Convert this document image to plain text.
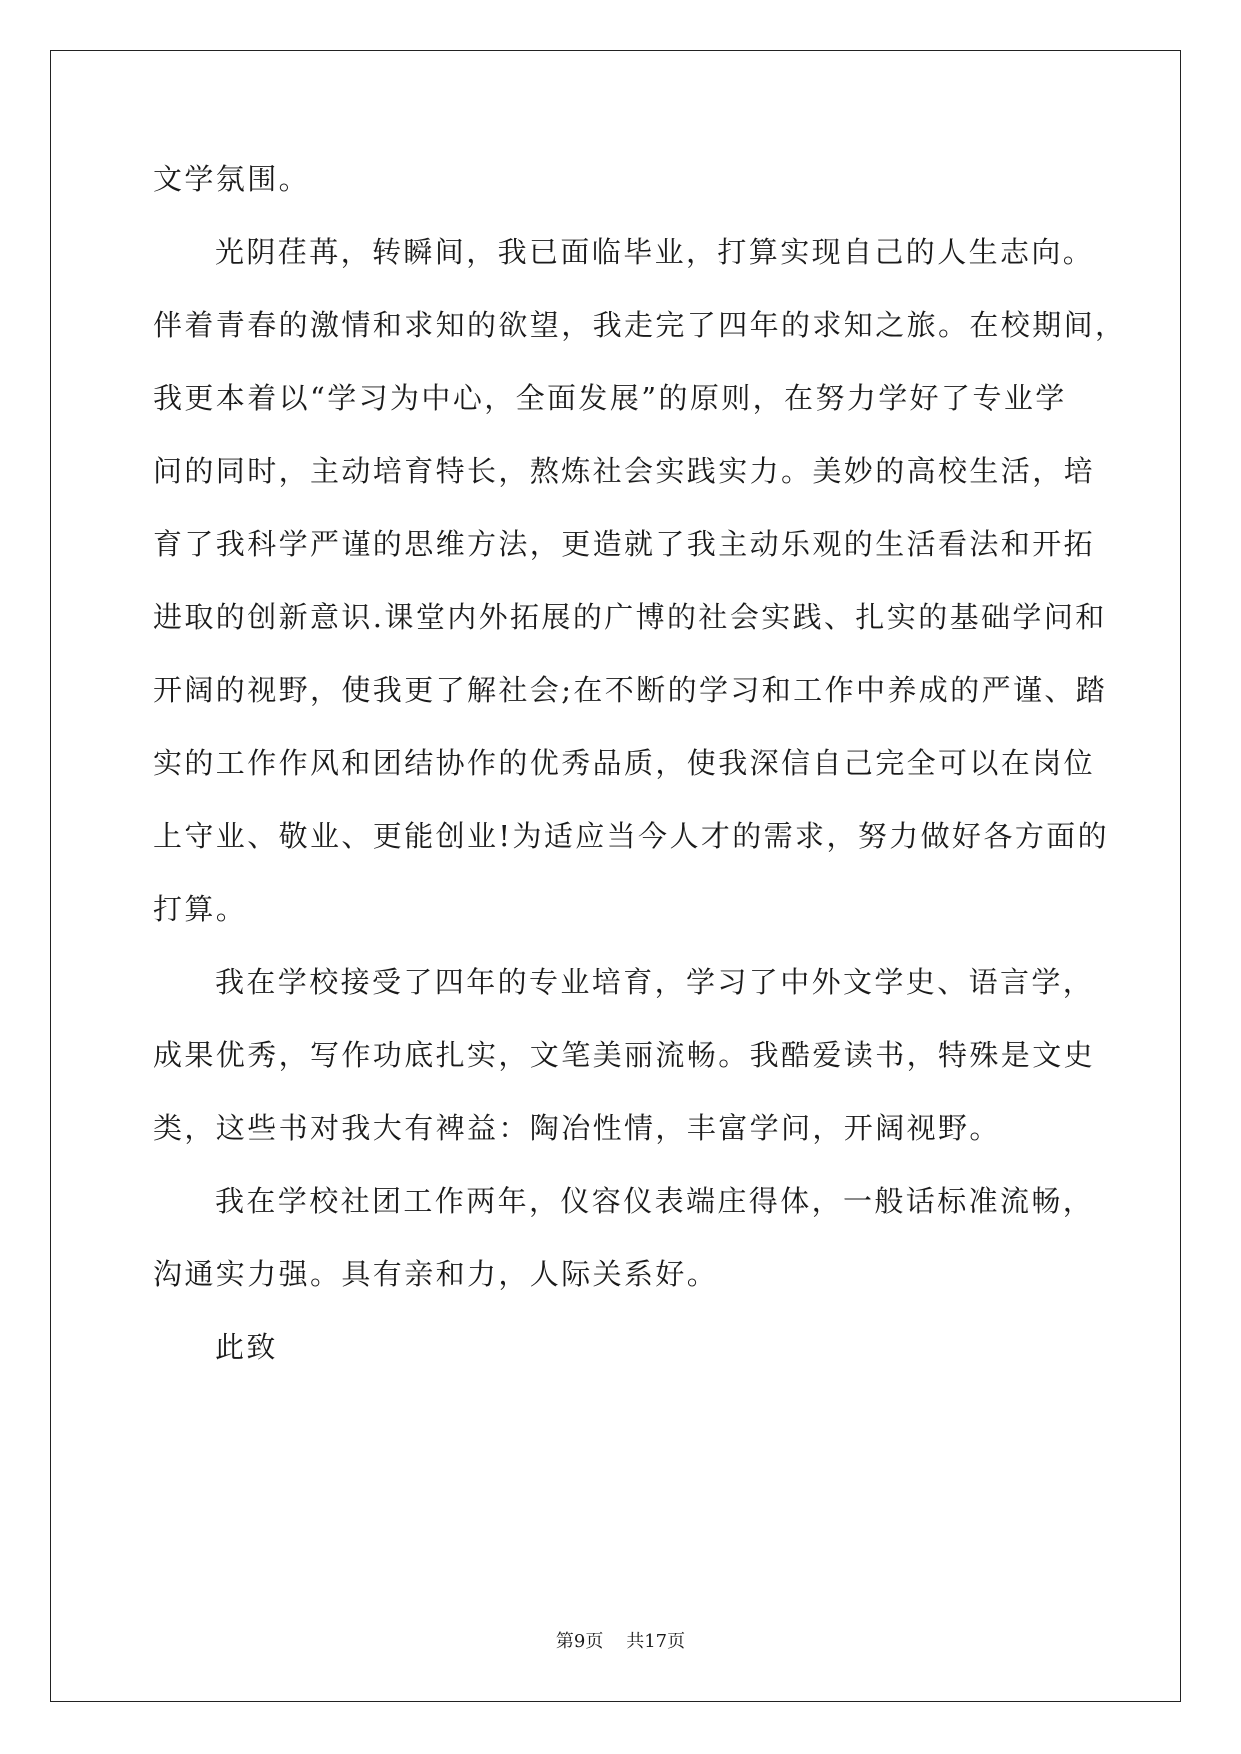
文学氛围。
光阴荏苒，转瞬间，我已面临毕业，打算实现自己的人生志向。
伴着青春的激情和求知的欲望，我走完了四年的求知之旅。在校期间，
我更本着以“学习为中心，全面发展”的原则，在努力学好了专业学
问的同时，主动培育特长，熬炼社会实践实力。美妙的高校生活，培
育了我科学严谨的思维方法，更造就了我主动乐观的生活看法和开拓
进取的创新意识.课堂内外拓展的广博的社会实践、扎实的基础学问和
开阔的视野，使我更了解社会;在不断的学习和工作中养成的严谨、踏
实的工作作风和团结协作的优秀品质，使我深信自己完全可以在岗位
上守业、敬业、更能创业!为适应当今人才的需求，努力做好各方面的
打算。
我在学校接受了四年的专业培育，学习了中外文学史、语言学，
成果优秀，写作功底扎实，文笔美丽流畅。我酷爱读书，特殊是文史
类，这些书对我大有裨益：陶冶性情，丰富学问，开阔视野。
我在学校社团工作两年，仪容仪表端庄得体，一般话标准流畅，
沟通实力强。具有亲和力，人际关系好。
此致
第9页 共17页
